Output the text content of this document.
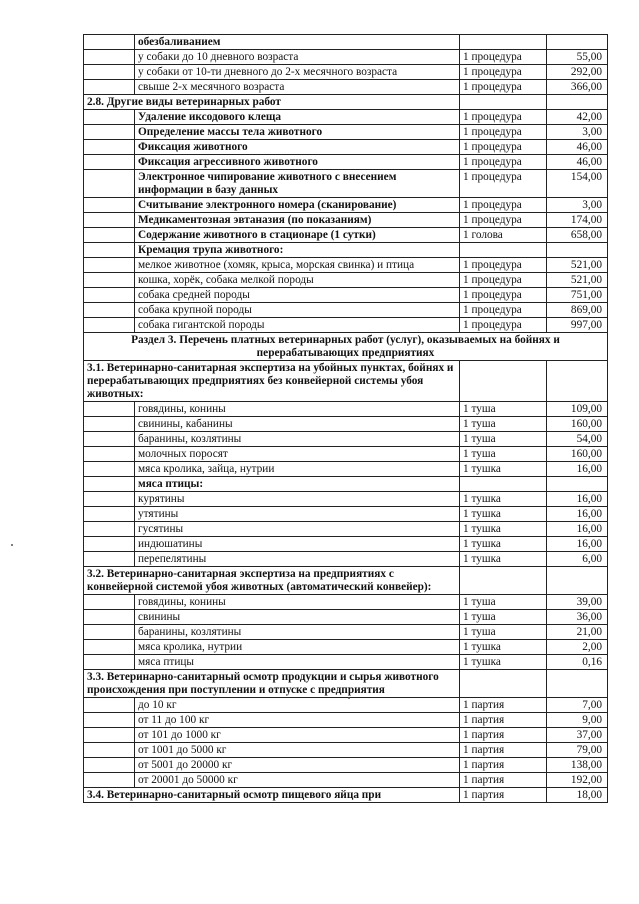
	обезбаливанием		
	у собаки до 10 дневного возраста	1 процедура	55,00
	у собаки от 10-ти дневного до 2-х месячного возраста	1 процедура	292,00
	свыше 2-х месячного возраста	1 процедура	366,00
2.8. Другие виды ветеринарных работ			
	Удаление иксодового клеща	1 процедура	42,00
	Определение массы тела животного	1 процедура	3,00
	Фиксация животного	1 процедура	46,00
	Фиксация агрессивного животного	1 процедура	46,00
	Электронное чипирование животного с внесением информации в базу данных	1 процедура	154,00
	Считывание электронного номера (сканирование)	1 процедура	3,00
	Медикаментозная эвтаназия (по показаниям)	1 процедура	174,00
	Содержание животного в стационаре (1 сутки)	1 голова	658,00
	Кремация трупа животного:		
	мелкое животное (хомяк, крыса, морская свинка) и птица	1 процедура	521,00
	кошка, хорёк, собака мелкой породы	1 процедура	521,00
	собака средней породы	1 процедура	751,00
	собака крупной породы	1 процедура	869,00
	собака гигантской породы	1 процедура	997,00
Раздел 3. Перечень платных ветеринарных работ (услуг), оказываемых на бойнях и перерабатывающих предприятиях			
3.1. Ветеринарно-санитарная экспертиза на убойных пунктах, бойнях и перерабатывающих предприятиях без конвейерной системы убоя животных:			
	говядины, конины	1 туша	109,00
	свинины, кабанины	1 туша	160,00
	баранины, козлятины	1 туша	54,00
	молочных поросят	1 туша	160,00
	мяса кролика, зайца, нутрии	1 тушка	16,00
	мяса птицы:		
	курятины	1 тушка	16,00
	утятины	1 тушка	16,00
	гусятины	1 тушка	16,00
	индюшатины	1 тушка	16,00
	перепелятины	1 тушка	6,00
3.2. Ветеринарно-санитарная экспертиза на предприятиях с конвейерной системой убоя животных (автоматический конвейер):			
	говядины, конины	1 туша	39,00
	свинины	1 туша	36,00
	баранины, козлятины	1 туша	21,00
	мяса кролика, нутрии	1 тушка	2,00
	мяса птицы	1 тушка	0,16
3.3. Ветеринарно-санитарный осмотр продукции и сырья животного происхождения при поступлении и отпуске с предприятия			
	до 10 кг	1 партия	7,00
	от 11 до 100 кг	1 партия	9,00
	от 101 до 1000 кг	1 партия	37,00
	от 1001 до 5000 кг	1 партия	79,00
	от 5001 до 20000 кг	1 партия	138,00
	от 20001 до 50000 кг	1 партия	192,00
3.4. Ветеринарно-санитарный осмотр пищевого яйца при		1 партия	18,00
